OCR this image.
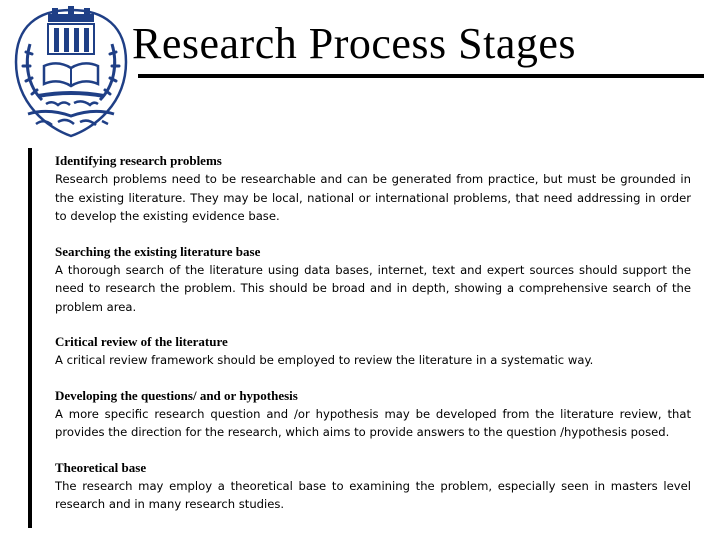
Research Process Stages

Identifying research problems

Research problems need to be researchable and can be generated from practice, but must be grounded in the existing literature. They may be local, national or international problems, that need addressing in order to develop the existing evidence base.

Searching the existing literature base

A thorough search of the literature using data bases, internet, text and expert sources should support the need to research the problem. This should be broad and in depth, showing a comprehensive search of the problem area.

Critical review of the literature

A critical review framework should be employed to review the literature in a systematic way.

Developing the questions/ and or hypothesis

A more specific research question and /or hypothesis may be developed from the literature review, that provides the direction for the research, which aims to provide answers to the question /hypothesis posed.

Theoretical base

The research may employ a theoretical base to examining the problem, especially seen in masters level research and in many research studies.
